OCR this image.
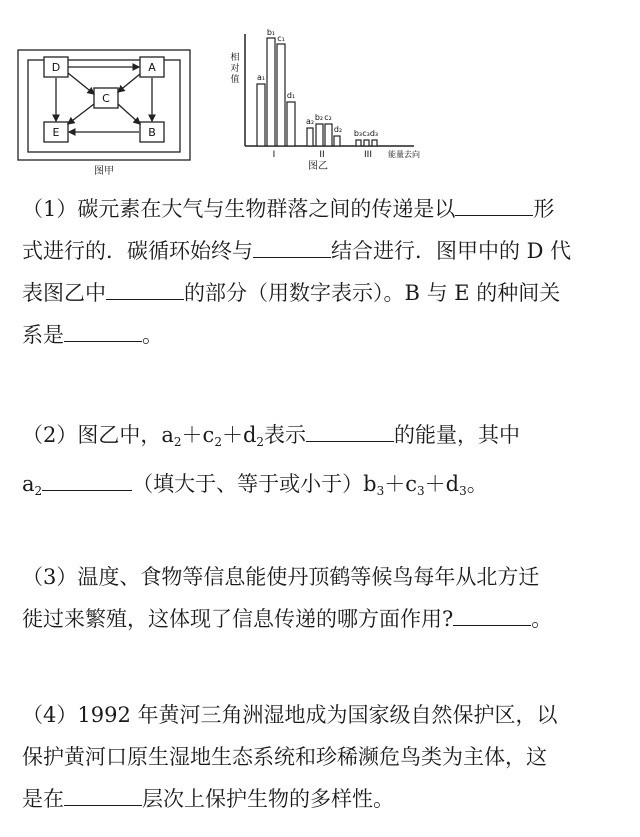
D	A
C
E	B
图甲
相
对
值 a₁
b₁
c₁
d₁
a₂ b₂ c₂
d₂ b₃ c₃ d₃
I	II	III 能量去向
图乙
（1）碳元素在大气与生物群落之间的传递是以	形
式进行的．碳循环始终与	结合进行．图甲中的 D 代
表图乙中	的部分（用数字表示）。B 与 E 的种间关
系是	。
（2）图乙中，$a_2+c_2+d_2$表示	的能量，其中
$a_2$	（填大于、等于或小于）$b_3+c_3+d_3$。
（3）温度、食物等信息能使丹顶鹤等候鸟每年从北方迁
徙过来繁殖，这体现了信息传递的哪方面作用?	。
（4）1992 年黄河三角洲湿地成为国家级自然保护区，以
保护黄河口原生湿地生态系统和珍稀濒危鸟类为主体，这
是在	层次上保护生物的多样性。
